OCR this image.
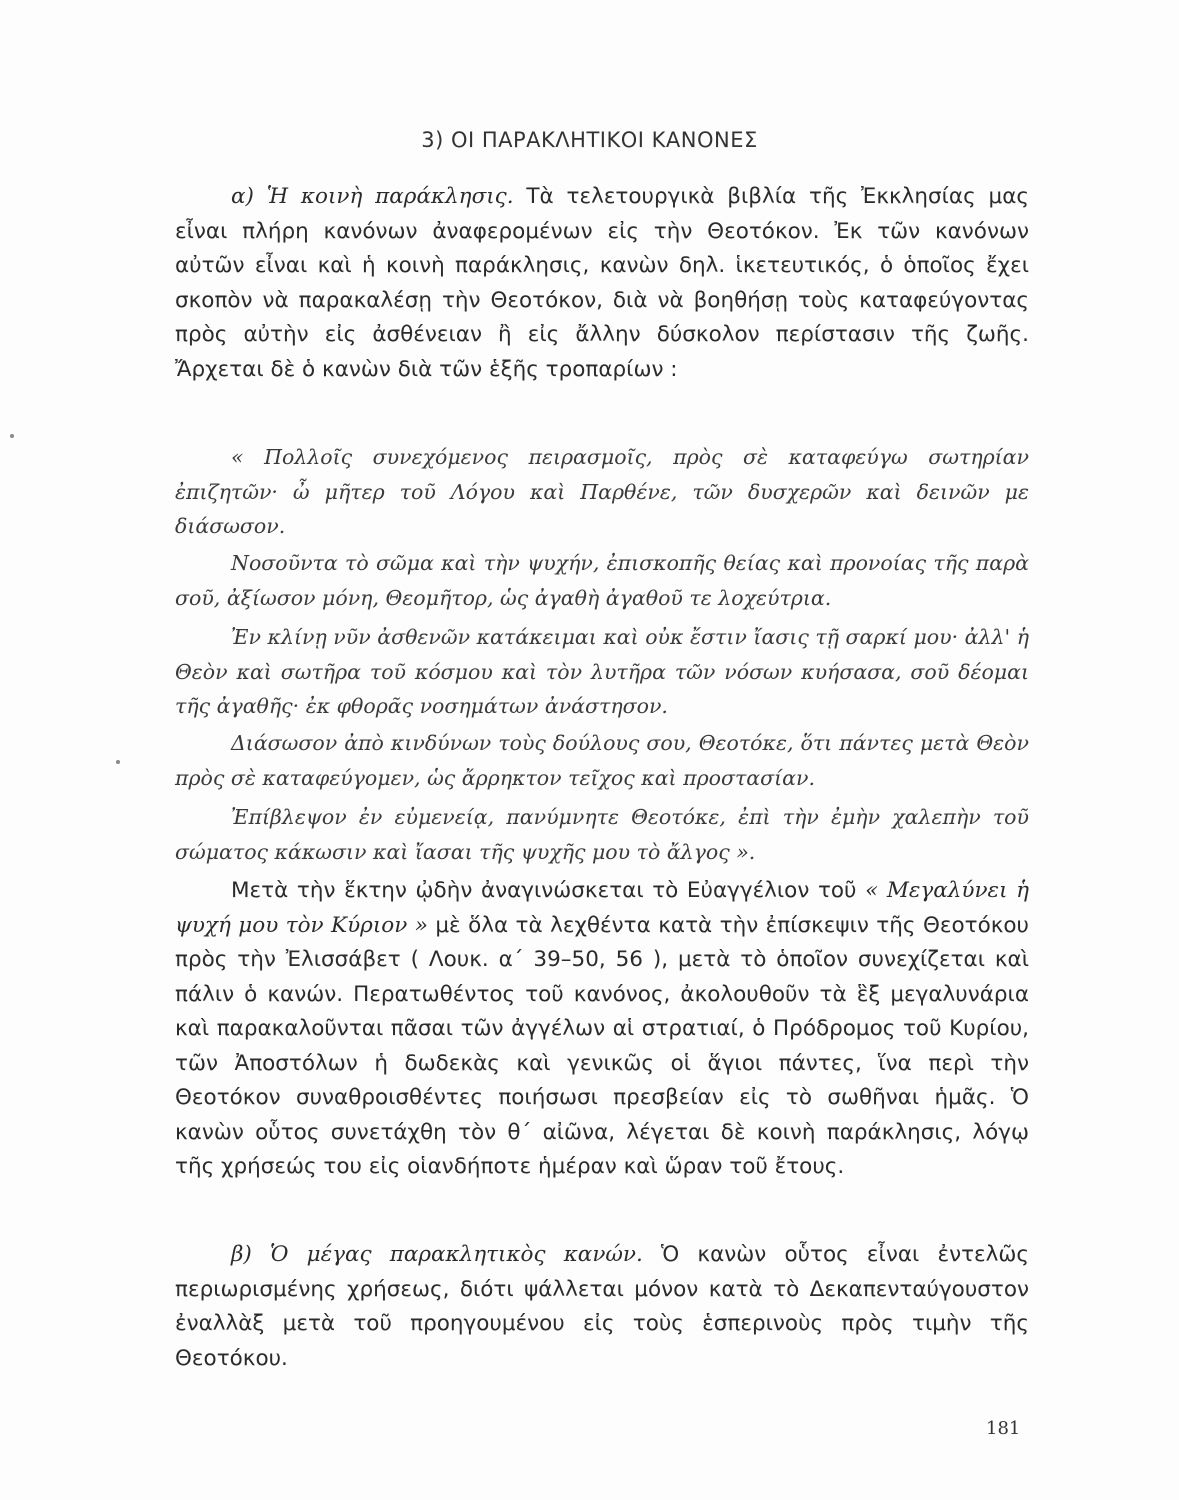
3) ΟΙ ΠΑΡΑΚΛΗΤΙΚΟΙ ΚΑΝΟΝΕΣ
α) Ἡ κοινὴ παράκλησις. Τὰ τελετουργικὰ βιβλία τῆς Ἐκκλησίας μας εἶναι πλήρη κανόνων ἀναφερομένων εἰς τὴν Θεοτόκον. Ἐκ τῶν κανόνων αὐτῶν εἶναι καὶ ἡ κοινὴ παράκλησις, κανὼν δηλ. ἱκετευτικός, ὁ ὁποῖος ἔχει σκοπὸν νὰ παρακαλέσῃ τὴν Θεοτόκον, διὰ νὰ βοηθήσῃ τοὺς καταφεύγοντας πρὸς αὐτὴν εἰς ἀσθένειαν ἢ εἰς ἄλλην δύσκολον περίστασιν τῆς ζωῆς. Ἄρχεται δὲ ὁ κανὼν διὰ τῶν ἑξῆς τροπαρίων :
« Πολλοῖς συνεχόμενος πειρασμοῖς, πρὸς σὲ καταφεύγω σωτηρίαν ἐπιζητῶν· ὦ μῆτερ τοῦ Λόγου καὶ Παρθένε, τῶν δυσχερῶν καὶ δεινῶν με διάσωσον.
Νοσοῦντα τὸ σῶμα καὶ τὴν ψυχήν, ἐπισκοπῆς θείας καὶ προνοίας τῆς παρὰ σοῦ, ἀξίωσον μόνη, Θεομῆτορ, ὡς ἀγαθὴ ἀγαθοῦ τε λοχεύτρια.
Ἐν κλίνῃ νῦν ἀσθενῶν κατάκειμαι καὶ οὐκ ἔστιν ἴασις τῇ σαρκί μου· ἀλλ' ἡ Θεὸν καὶ σωτῆρα τοῦ κόσμου καὶ τὸν λυτῆρα τῶν νόσων κυήσασα, σοῦ δέομαι τῆς ἀγαθῆς· ἐκ φθορᾶς νοσημάτων ἀνάστησον.
Διάσωσον ἀπὸ κινδύνων τοὺς δούλους σου, Θεοτόκε, ὅτι πάντες μετὰ Θεὸν πρὸς σὲ καταφεύγομεν, ὡς ἄρρηκτον τεῖχος καὶ προστασίαν.
Ἐπίβλεψον ἐν εὐμενείᾳ, πανύμνητε Θεοτόκε, ἐπὶ τὴν ἐμὴν χαλεπὴν τοῦ σώματος κάκωσιν καὶ ἴασαι τῆς ψυχῆς μου τὸ ἄλγος ».
Μετὰ τὴν ἕκτην ᾠδὴν ἀναγινώσκεται τὸ Εὐαγγέλιον τοῦ « Μεγαλύνει ἡ ψυχή μου τὸν Κύριον » μὲ ὅλα τὰ λεχθέντα κατὰ τὴν ἐπίσκεψιν τῆς Θεοτόκου πρὸς τὴν Ἐλισσάβετ ( Λουκ. α΄ 39–50, 56 ), μετὰ τὸ ὁποῖον συνεχίζεται καὶ πάλιν ὁ κανών. Περατωθέντος τοῦ κανόνος, ἀκολουθοῦν τὰ ἓξ μεγαλυνάρια καὶ παρακαλοῦνται πᾶσαι τῶν ἀγγέλων αἱ στρατιαί, ὁ Πρόδρομος τοῦ Κυρίου, τῶν Ἀποστόλων ἡ δωδεκὰς καὶ γενικῶς οἱ ἅγιοι πάντες, ἵνα περὶ τὴν Θεοτόκον συναθροισθέντες ποιήσωσι πρεσβείαν εἰς τὸ σωθῆναι ἡμᾶς. Ὁ κανὼν οὗτος συνετάχθη τὸν θ΄ αἰῶνα, λέγεται δὲ κοινὴ παράκλησις, λόγῳ τῆς χρήσεώς του εἰς οἱανδήποτε ἡμέραν καὶ ὥραν τοῦ ἔτους.
β) Ὁ μέγας παρακλητικὸς κανών. Ὁ κανὼν οὗτος εἶναι ἐντελῶς περιωρισμένης χρήσεως, διότι ψάλλεται μόνον κατὰ τὸ Δεκαπενταύγουστον ἐναλλὰξ μετὰ τοῦ προηγουμένου εἰς τοὺς ἑσπερινοὺς πρὸς τιμὴν τῆς Θεοτόκου.
181
